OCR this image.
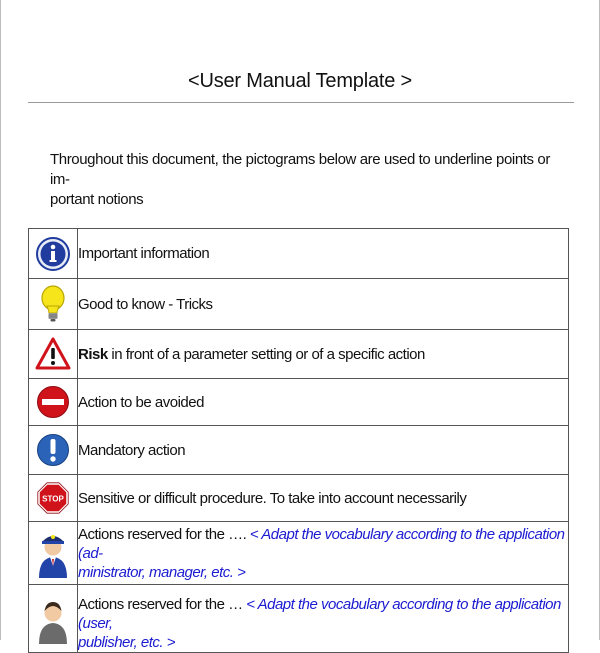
<User Manual Template >
Throughout this document, the pictograms below are used to underline points or im-
portant notions
	Important information

	Good to know - Tricks

	Risk in front of a parameter setting or of a specific action

	Action to be avoided

	Mandatory action

STOP	Sensitive or difficult procedure. To take into account necessarily

Actions reserved for the …. < Adapt the vocabulary according to the application (ad-
ministrator, manager, etc. >

Actions reserved for the … < Adapt the vocabulary according to the application (user,
publisher, etc. >
